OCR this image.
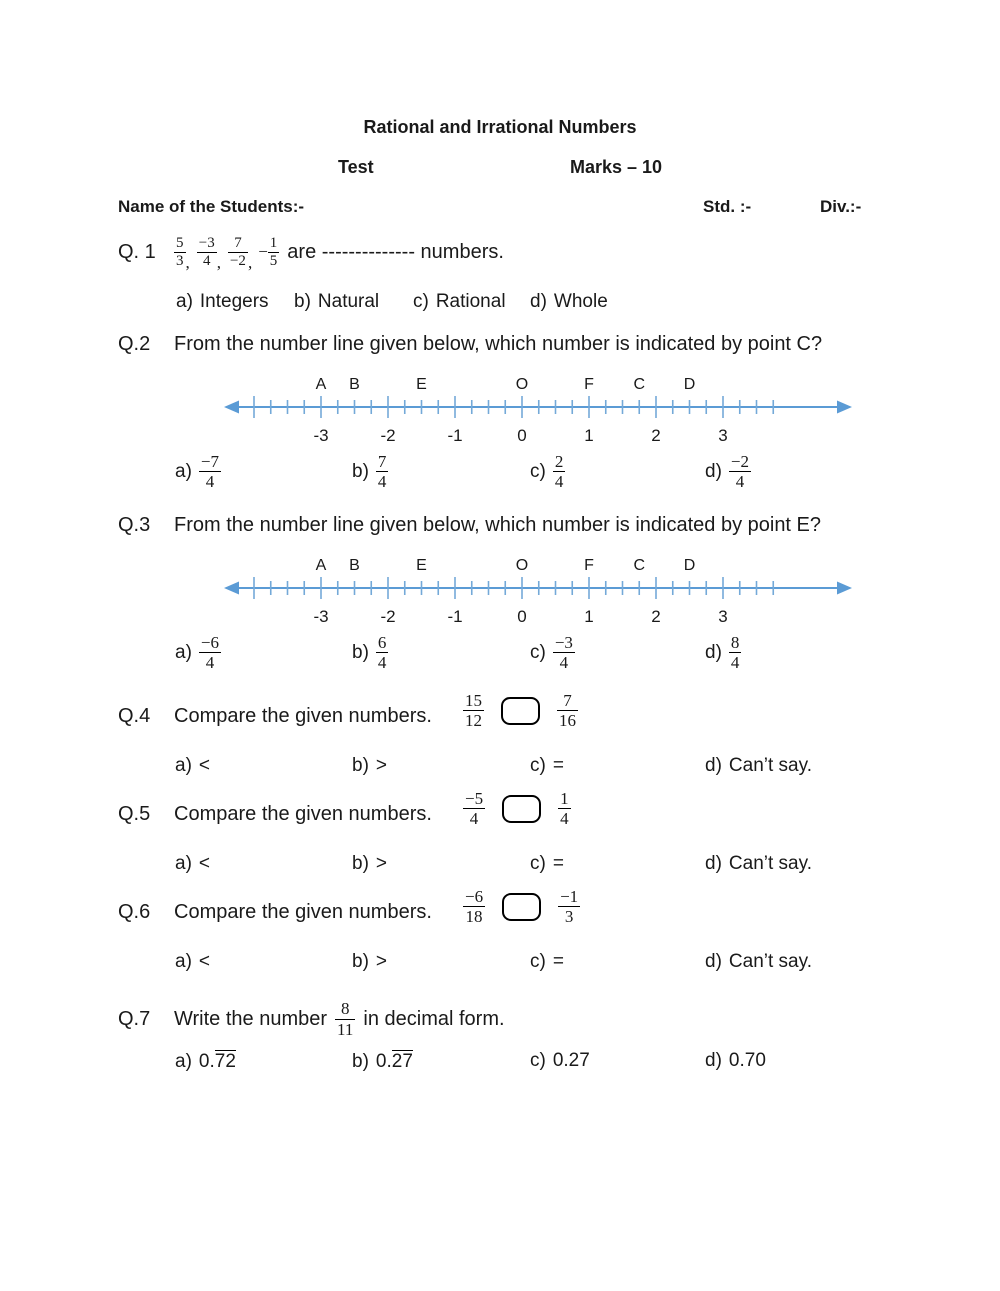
Rational and Irrational Numbers
Test	Marks – 10
Name of the Students:-	Std. :-	Div.:-
Q. 1	$\frac{5}{3}$ , $\frac{-3}{4}$ , $\frac{7}{-2}$ ,
− $\frac{1}{5}$ are -------------- numbers.
a) Integers b) Natural c) Rational d) Whole
Q.2	From the number line given below, which number is indicated by point C?
A B	E	O	F C D
-3	-2	-1	0	1	2	3
$a) \frac{-7}{4}$	$b) \frac{7}{4}$	$c) \frac{2}{4}$	$d) \frac{-2}{4}$
Q.3	From the number line given below, which number is indicated by point E?
A B	E	O	F C D
-3	-2	-1	0	1	2	3
$a) \frac{-6}{4}$	$b) \frac{6}{4}$	$c) \frac{-3}{4}$	$d) \frac{8}{4}$
Q.4	Compare the given numbers. $\frac{15}{12}$	$\frac{7}{16}$
a) <	b) >	c) =	d) Can’t say.
Q.5	Compare the given numbers. $\frac{-5}{4}$	$\frac{1}{4}$
a) <	b) >	c) =	d) Can’t say.
Q.6	Compare the given numbers. $\frac{-6}{18}$	$\frac{-1}{3}$
a) <	b) >	c) =	d) Can’t say.
Q.7	Write the number $\frac{8}{11}$ in decimal form.
a) 0.72	b) 0.27	c) 0.27	d) 0.70
